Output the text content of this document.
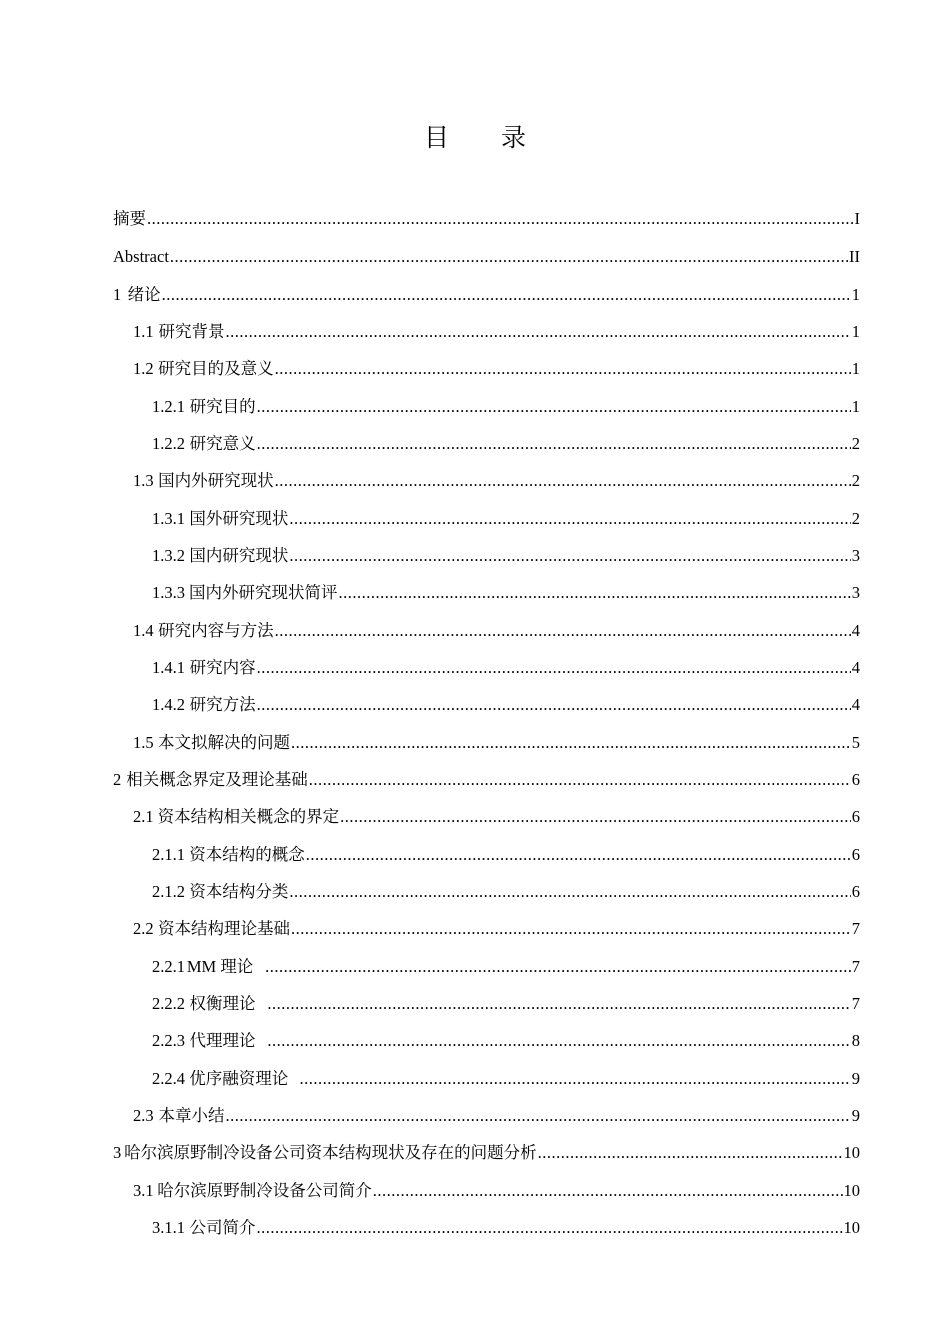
目 录
摘要 .....	I
Abstract .....	II
1 绪论 .....	1
1.1 研究背景 .....	1
1.2 研究目的及意义 .....	1
1.2.1 研究目的 .....	1
1.2.2 研究意义 .....	2
1.3 国内外研究现状 .....	2
1.3.1 国外研究现状 .....	2
1.3.2 国内研究现状 .....	3
1.3.3 国内外研究现状简评 .....	3
1.4 研究内容与方法 .....	4
1.4.1 研究内容 .....	4
1.4.2 研究方法 .....	4
1.5 本文拟解决的问题 .....	5
2 相关概念界定及理论基础 .....	6
2.1 资本结构相关概念的界定 .....	6
2.1.1 资本结构的概念 .....	6
2.1.2 资本结构分类 .....	6
2.2 资本结构理论基础 .....	7
2.2.1 MM 理论 .....	7
2.2.2 权衡理论 .....	7
2.2.3 代理理论 .....	8
2.2.4 优序融资理论 .....	9
2.3 本章小结 .....	9
3 哈尔滨原野制冷设备公司资本结构现状及存在的问题分析 .....	10
3.1 哈尔滨原野制冷设备公司简介 .....	10
3.1.1 公司简介 .....	10
